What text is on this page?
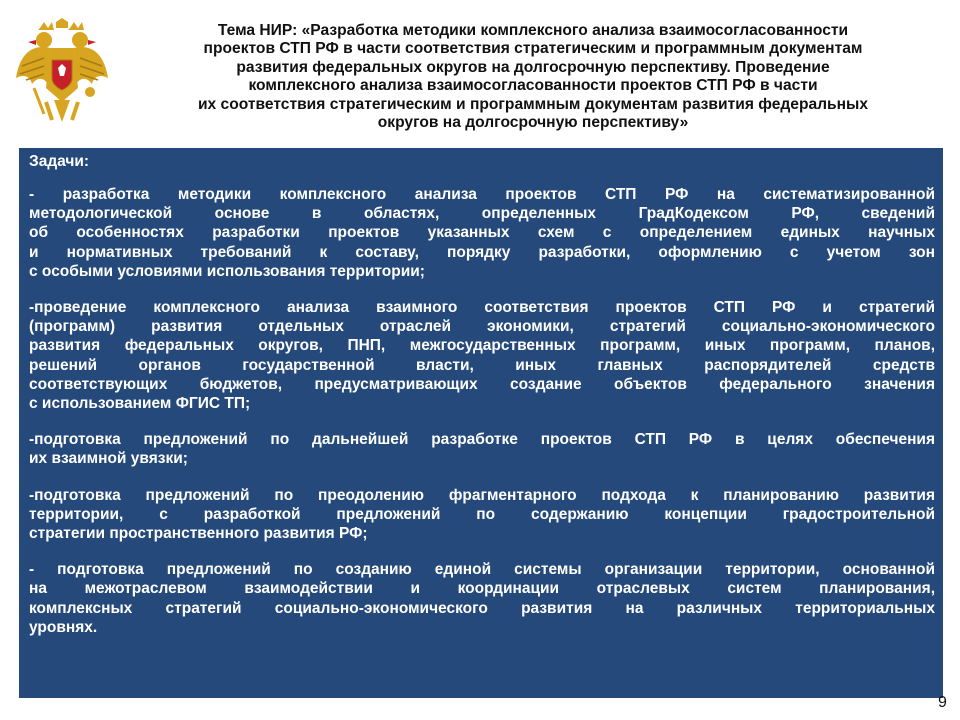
Тема НИР: «Разработка методики комплексного анализа взаимосогласованности
проектов СТП РФ в части соответствия стратегическим и программным документам
развития федеральных округов на долгосрочную перспективу. Проведение
комплексного анализа взаимосогласованности проектов СТП РФ в части
их соответствия стратегическим и программным документам развития федеральных
округов на долгосрочную перспективу»
Задачи:
- разработка методики комплексного анализа проектов СТП РФ на систематизированной
методологической основе в областях, определенных ГрадКодексом РФ, сведений
об особенностях разработки проектов указанных схем с определением единых научных
и нормативных требований к составу, порядку разработки, оформлению с учетом зон
с особыми условиями использования территории;
-проведение комплексного анализа взаимного соответствия проектов СТП РФ и стратегий
(программ) развития отдельных отраслей экономики, стратегий социально-экономического
развития федеральных округов, ПНП, межгосударственных программ, иных программ, планов,
решений органов государственной власти, иных главных распорядителей средств
соответствующих бюджетов, предусматривающих создание объектов федерального значения
с использованием ФГИС ТП;
-подготовка предложений по дальнейшей разработке проектов СТП РФ в целях обеспечения
их взаимной увязки;
-подготовка предложений по преодолению фрагментарного подхода к планированию развития
территории, с разработкой предложений по содержанию концепции градостроительной
стратегии пространственного развития РФ;
- подготовка предложений по созданию единой системы организации территории, основанной
на межотраслевом взаимодействии и координации отраслевых систем планирования,
комплексных стратегий социально-экономического развития на различных территориальных
уровнях.
9
